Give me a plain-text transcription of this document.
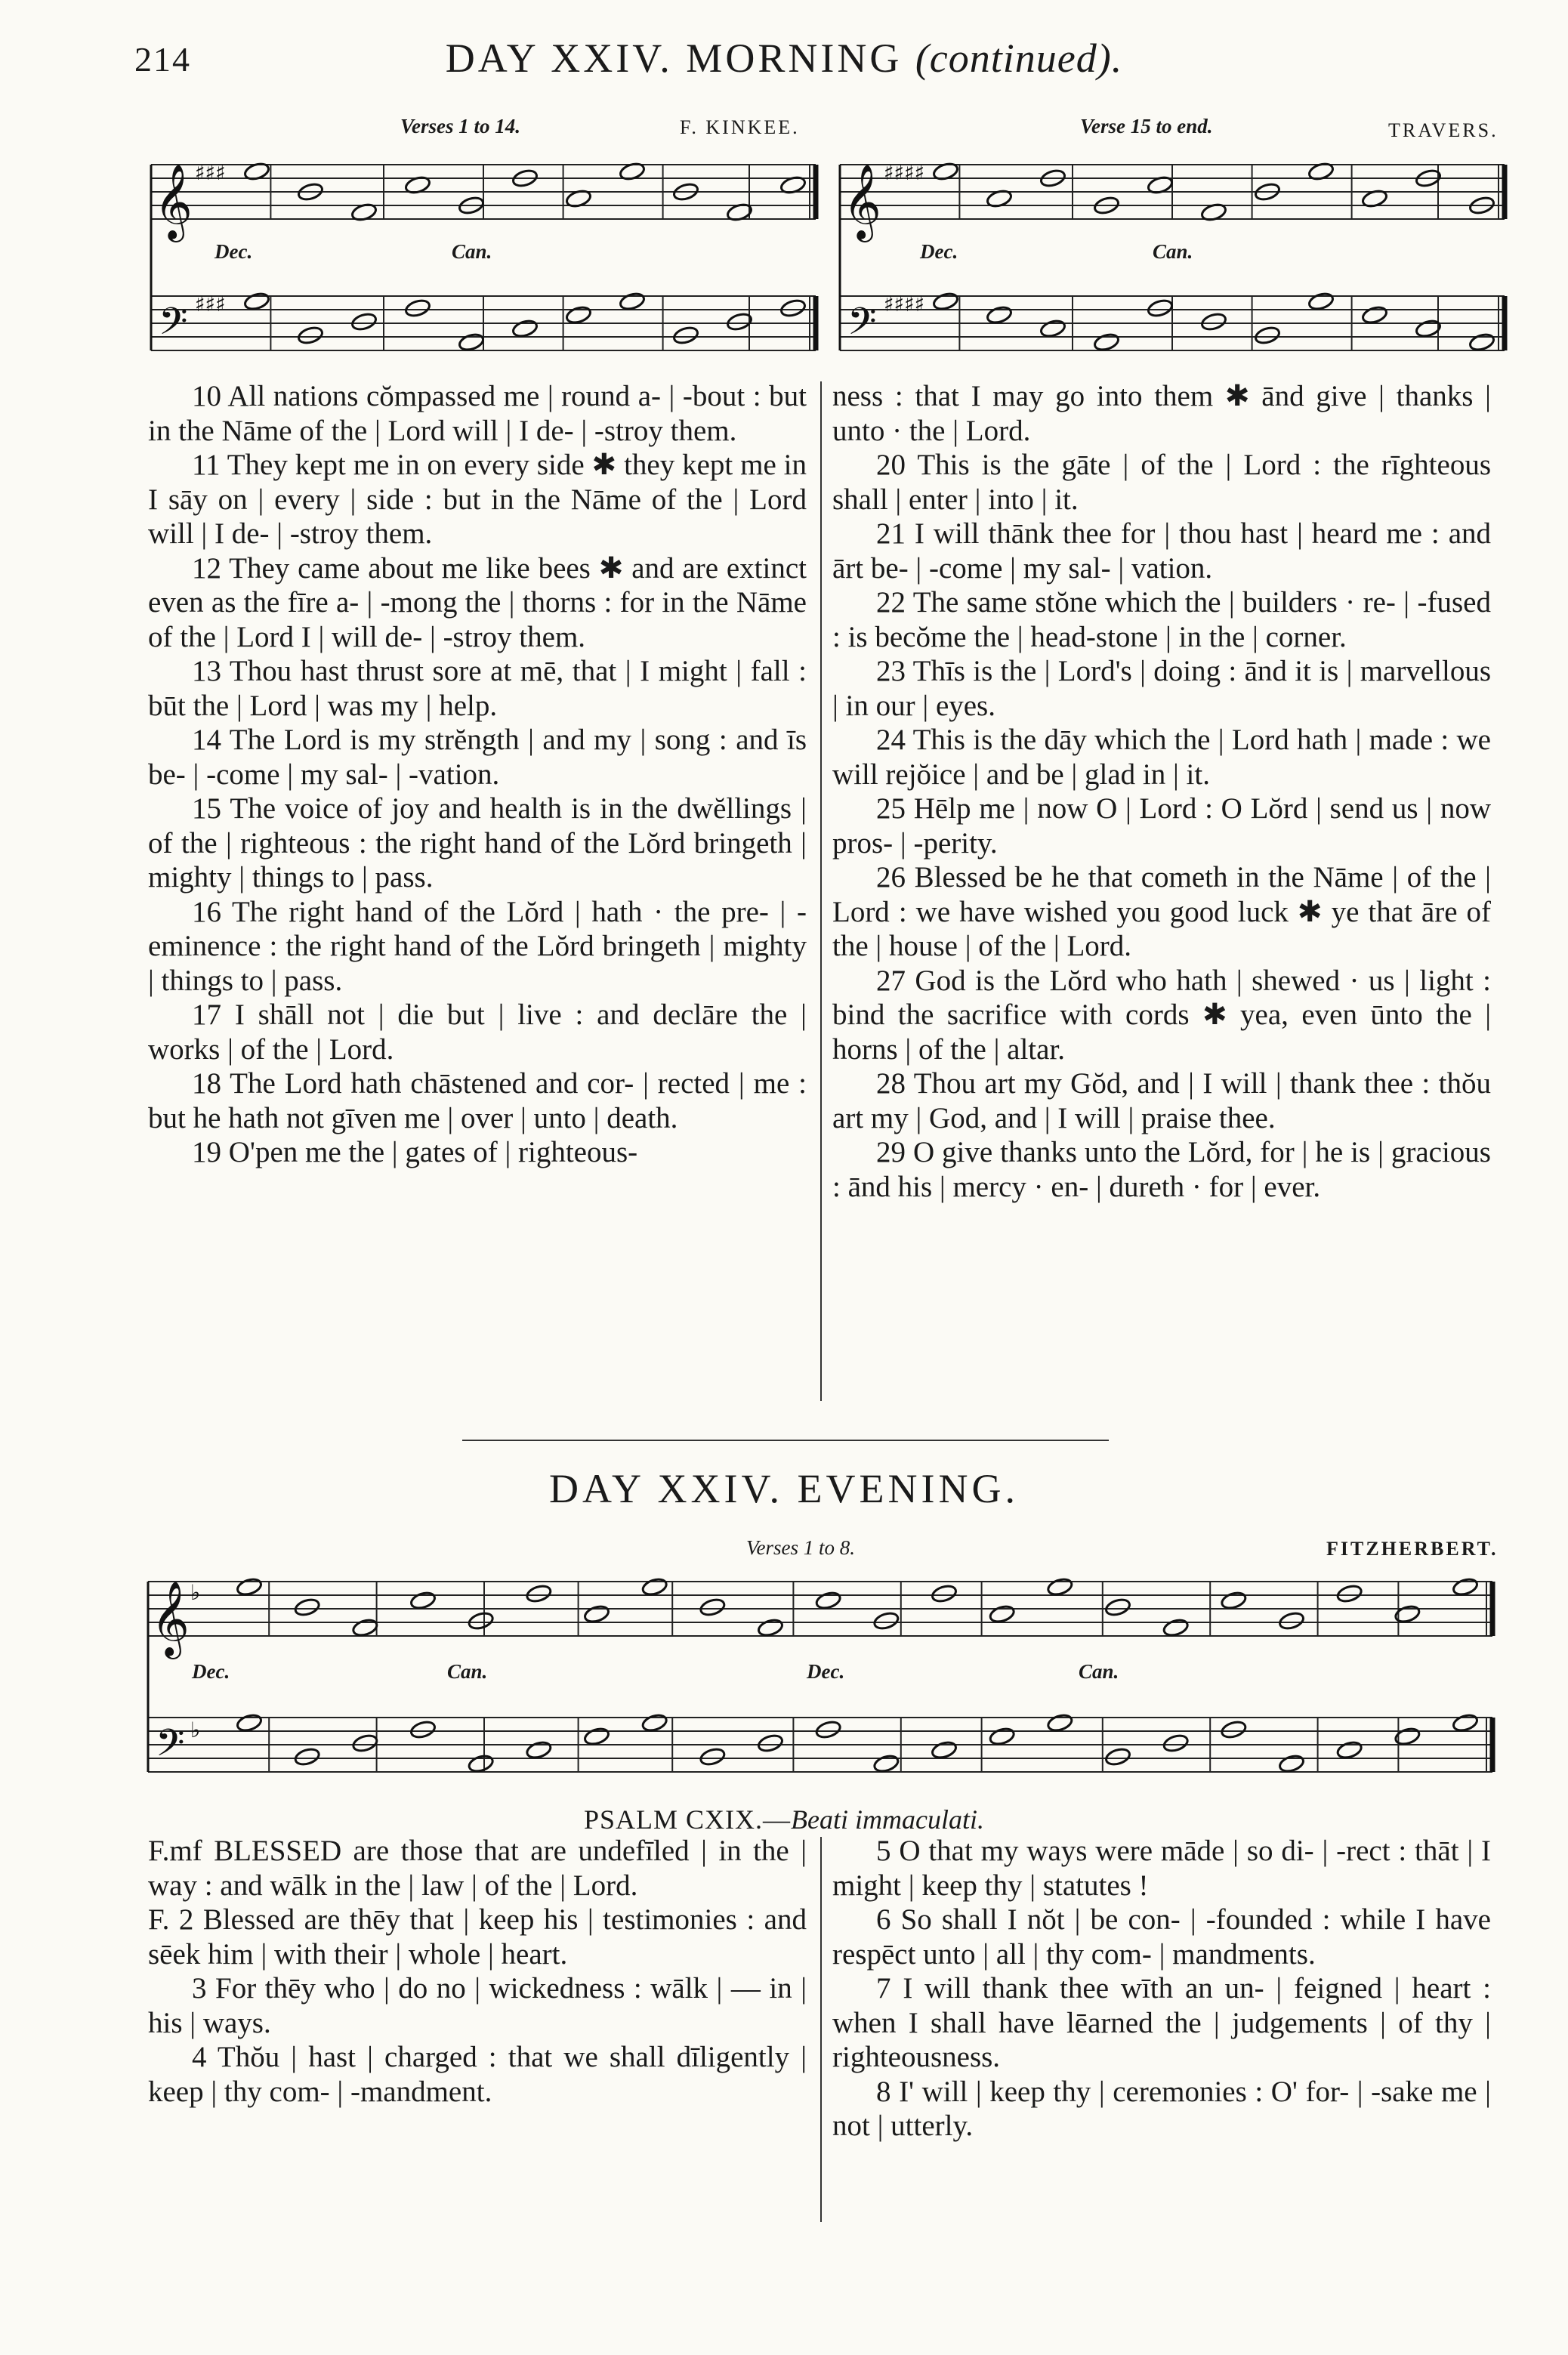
214	DAY XXIV. MORNING (continued).
Verses 1 to 14.	F. KINKEE.
𝄞
𝄢
♯♯♯
♯♯♯
𝄞
𝄢
♯♯♯♯
♯♯♯♯
𝄞
𝄢
♭
♭
Dec.	Can.
Verse 15 to end.	TRAVERS.
Dec.	Can.

10 All nations cŏmpassed me | round a- | -bout : but in the Nāme of the | Lord will | I de- | -stroy them.

11 They kept me in on every side ✱ they kept me in I sāy on | every | side : but in the Nāme of the | Lord will | I de- | -stroy them.

12 They came about me like bees ✱ and are extinct even as the fīre a- | -mong the | thorns : for in the Nāme of the | Lord I | will de- | -stroy them.

13 Thou hast thrust sore at mē, that | I might | fall : būt the | Lord | was my | help.

14 The Lord is my strĕngth | and my | song : and īs be- | -come | my sal- | -vation.

15 The voice of joy and health is in the dwĕllings | of the | righteous : the right hand of the Lŏrd bringeth | mighty | things to | pass.

16 The right hand of the Lŏrd | hath · the pre- | -eminence : the right hand of the Lŏrd bringeth | mighty | things to | pass.

17 I shāll not | die but | live : and declāre the | works | of the | Lord.

18 The Lord hath chāstened and cor- | rected | me : but he hath not gīven me | over | unto | death.

19 O'pen me the | gates of | righteous-

ness : that I may go into them ✱ ānd give | thanks | unto · the | Lord.

20 This is the gāte | of the | Lord : the rīghteous shall | enter | into | it.

21 I will thānk thee for | thou hast | heard me : and ārt be- | -come | my sal- | vation.

22 The same stŏne which the | builders · re- | -fused : is becŏme the | head-stone | in the | corner.

23 Thīs is the | Lord's | doing : ānd it is | marvellous | in our | eyes.

24 This is the dāy which the | Lord hath | made : we will rejŏice | and be | glad in | it.

25 Hēlp me | now O | Lord : O Lŏrd | send us | now pros- | -perity.

26 Blessed be he that cometh in the Nāme | of the | Lord : we have wished you good luck ✱ ye that āre of the | house | of the | Lord.

27 God is the Lŏrd who hath | shewed · us | light : bind the sacrifice with cords ✱ yea, even ūnto the | horns | of the | altar.

28 Thou art my Gŏd, and | I will | thank thee : thŏu art my | God, and | I will | praise thee.

29 O give thanks unto the Lŏrd, for | he is | gracious : ānd his | mercy · en- | dureth · for | ever.

DAY XXIV. EVENING.
Verses 1 to 8.	FITZHERBERT.
Dec.	Can.	Dec.	Can.
PSALM CXIX.—Beati immaculati.

F.mf BLESSED are those that are undefīled | in the | way : and wālk in the | law | of the | Lord.

F. 2 Blessed are thēy that | keep his | testimonies : and sēek him | with their | whole | heart.

3 For thēy who | do no | wickedness : wālk | — in | his | ways.

4 Thŏu | hast | charged : that we shall dīligently | keep | thy com- | -mandment.

5 O that my ways were māde | so di- | -rect : thāt | I might | keep thy | statutes !

6 So shall I nŏt | be con- | -founded : while I have respēct unto | all | thy com- | mandments.

7 I will thank thee wīth an un- | feigned | heart : when I shall have lēarned the | judgements | of thy | righteousness.

8 I' will | keep thy | ceremonies : O' for- | -sake me | not | utterly.
